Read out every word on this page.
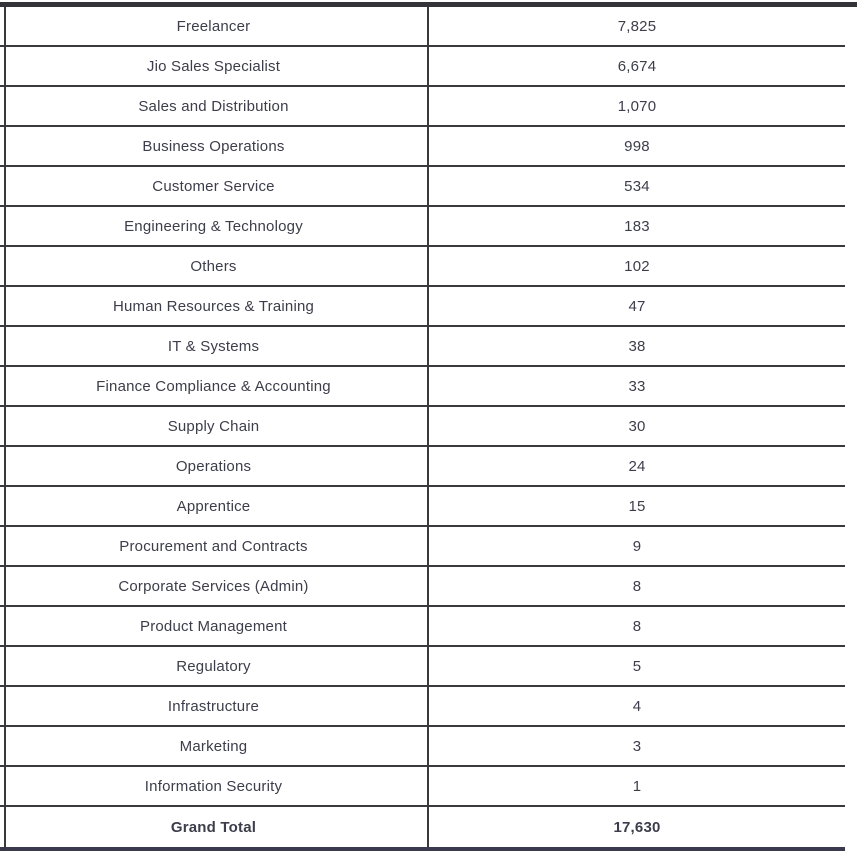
Freelancer	7,825
Jio Sales Specialist	6,674
Sales and Distribution	1,070
Business Operations	998
Customer Service	534
Engineering & Technology	183
Others	102
Human Resources & Training	47
IT & Systems	38
Finance Compliance & Accounting	33
Supply Chain	30
Operations	24
Apprentice	15
Procurement and Contracts	9
Corporate Services (Admin)	8
Product Management	8
Regulatory	5
Infrastructure	4
Marketing	3
Information Security	1
Grand Total	17,630
